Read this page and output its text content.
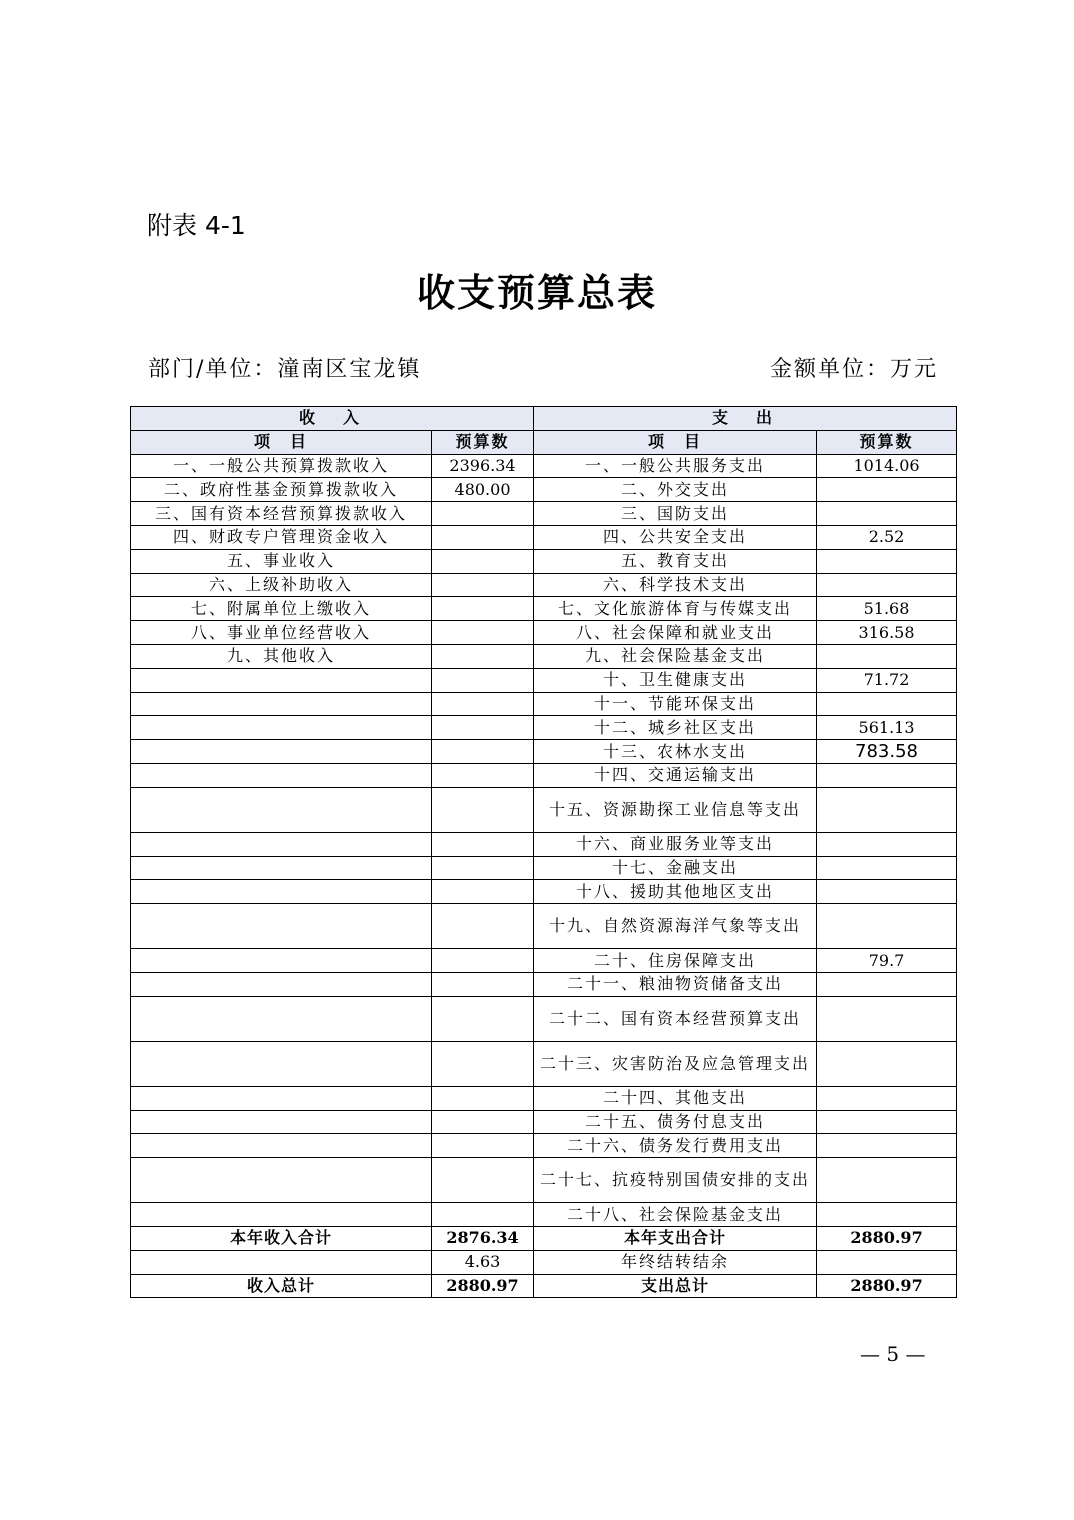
附表 4-1
收支预算总表
部门/单位：潼南区宝龙镇	金额单位：万元
收　入		支　出	
项　目	预算数	项　目	预算数
一、一般公共预算拨款收入	2396.34	一、一般公共服务支出	1014.06
二、政府性基金预算拨款收入	480.00	二、外交支出	
三、国有资本经营预算拨款收入		三、国防支出	
四、财政专户管理资金收入		四、公共安全支出	2.52
五、事业收入		五、教育支出	
六、上级补助收入		六、科学技术支出	
七、附属单位上缴收入		七、文化旅游体育与传媒支出	51.68
八、事业单位经营收入		八、社会保障和就业支出	316.58
九、其他收入		九、社会保险基金支出	
		十、卫生健康支出	71.72
		十一、节能环保支出	
		十二、城乡社区支出	561.13
		十三、农林水支出	783.58
		十四、交通运输支出	
		十五、资源勘探工业信息等支出	
		十六、商业服务业等支出	
		十七、金融支出	
		十八、援助其他地区支出	
		十九、自然资源海洋气象等支出	
		二十、住房保障支出	79.7
		二十一、粮油物资储备支出	
		二十二、国有资本经营预算支出	
		二十三、灾害防治及应急管理支出	
		二十四、其他支出	
		二十五、债务付息支出	
		二十六、债务发行费用支出	
		二十七、抗疫特别国债安排的支出	
		二十八、社会保险基金支出	
本年收入合计	2876.34	本年支出合计	2880.97
	4.63	年终结转结余	
收入总计	2880.97	支出总计	2880.97
— 5 —
